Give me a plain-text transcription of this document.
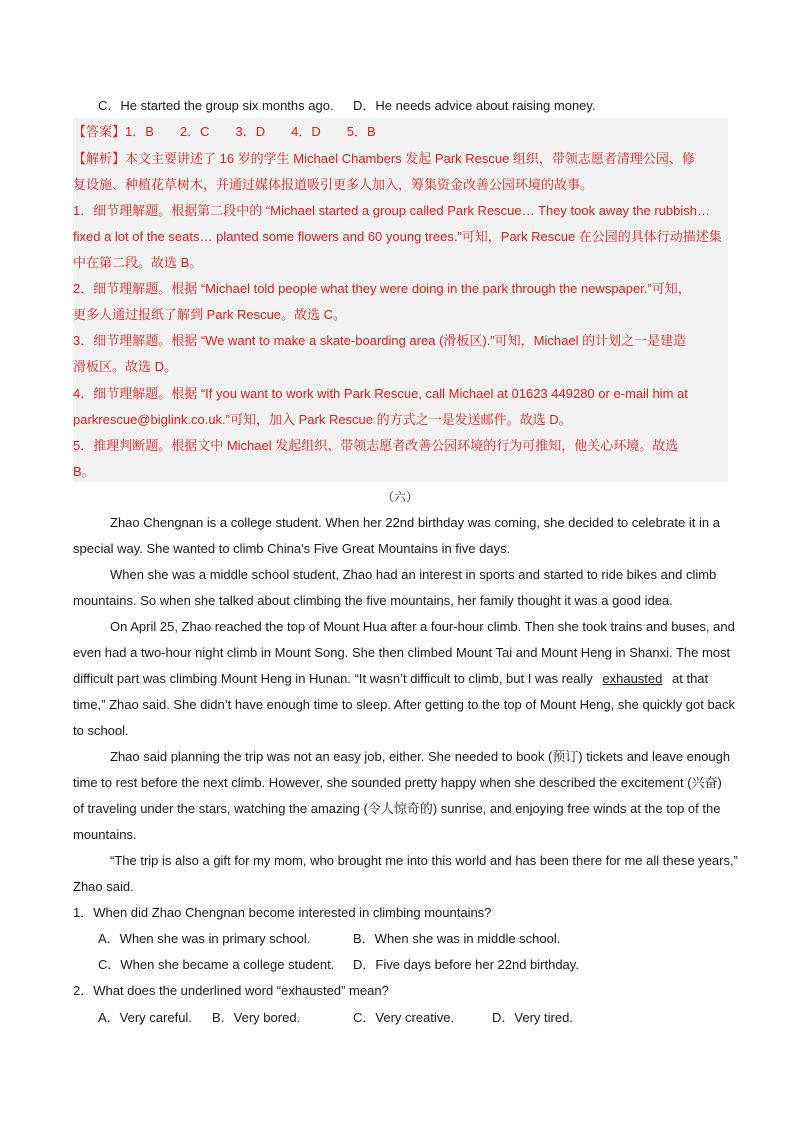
C．He started the group six months ago. D．He needs advice about raising money.
【答案】1．B　　2．C　　3．D　　4．D　　5．B
【解析】本文主要讲述了 16 岁的学生 Michael Chambers 发起 Park Rescue 组织，带领志愿者清理公园、修
复设施、种植花草树木，并通过媒体报道吸引更多人加入，筹集资金改善公园环境的故事。
1．细节理解题。根据第二段中的 “Michael started a group called Park Rescue… They took away the rubbish…
fixed a lot of the seats… planted some flowers and 60 young trees.”可知，Park Rescue 在公园的具体行动描述集
中在第二段。故选 B。
2．细节理解题。根据 “Michael told people what they were doing in the park through the newspaper.”可知，
更多人通过报纸了解到 Park Rescue。故选 C。
3．细节理解题。根据 “We want to make a skate-boarding area (滑板区).”可知，Michael 的计划之一是建造
滑板区。故选 D。
4．细节理解题。根据 “If you want to work with Park Rescue, call Michael at 01623 449280 or e-mail him at
parkrescue@biglink.co.uk.”可知，加入 Park Rescue 的方式之一是发送邮件。故选 D。
5．推理判断题。根据文中 Michael 发起组织、带领志愿者改善公园环境的行为可推知，他关心环境。故选
B。
（六）
Zhao Chengnan is a college student. When her 22nd birthday was coming, she decided to celebrate it in a
special way. She wanted to climb China's Five Great Mountains in five days.
When she was a middle school student, Zhao had an interest in sports and started to ride bikes and climb
mountains. So when she talked about climbing the five mountains, her family thought it was a good idea.
On April 25, Zhao reached the top of Mount Hua after a four-hour climb. Then she took trains and buses, and
even had a two-hour night climb in Mount Song. She then climbed Mount Tai and Mount Heng in Shanxi. The most
difficult part was climbing Mount Heng in Hunan. “It wasn’t difficult to climb, but I was really exhausted at that
time,” Zhao said. She didn’t have enough time to sleep. After getting to the top of Mount Heng, she quickly got back
to school.
Zhao said planning the trip was not an easy job, either. She needed to book (预订) tickets and leave enough
time to rest before the next climb. However, she sounded pretty happy when she described the excitement (兴奋)
of traveling under the stars, watching the amazing (令人惊奇的) sunrise, and enjoying free winds at the top of the
mountains.
“The trip is also a gift for my mom, who brought me into this world and has been there for me all these years,”
Zhao said.
1．When did Zhao Chengnan become interested in climbing mountains?
A．When she was in primary school.	B．When she was in middle school.
C．When she became a college student. D．Five days before her 22nd birthday.
2．What does the underlined word “exhausted” mean?
A．Very careful. B．Very bored.	C．Very creative.	D．Very tired.
